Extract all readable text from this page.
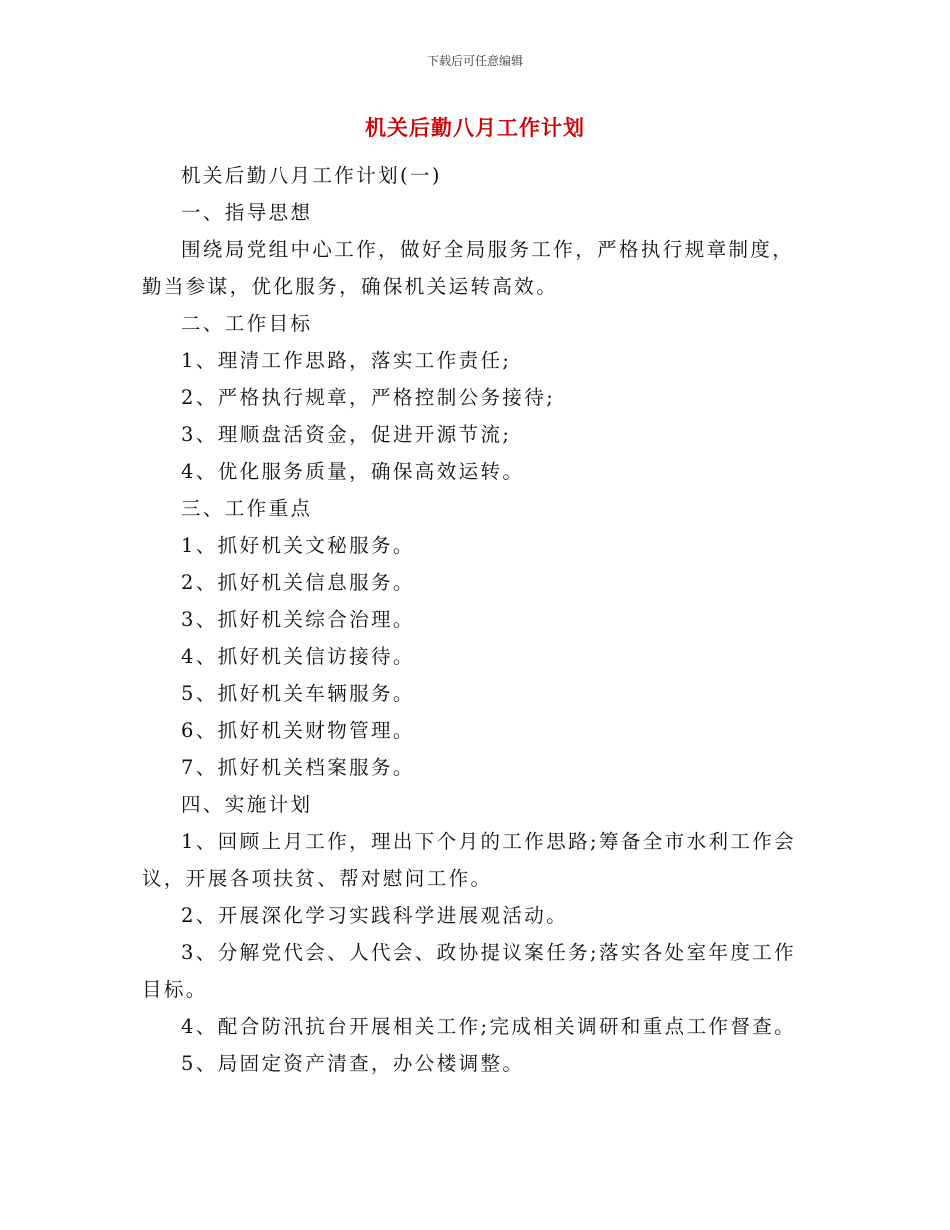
下载后可任意编辑
机关后勤八月工作计划

机关后勤八月工作计划(一)

一、指导思想

围绕局党组中心工作，做好全局服务工作，严格执行规章制度，勤当参谋，优化服务，确保机关运转高效。

二、工作目标

1、理清工作思路，落实工作责任;

2、严格执行规章，严格控制公务接待;

3、理顺盘活资金，促进开源节流;

4、优化服务质量，确保高效运转。

三、工作重点

1、抓好机关文秘服务。

2、抓好机关信息服务。

3、抓好机关综合治理。

4、抓好机关信访接待。

5、抓好机关车辆服务。

6、抓好机关财物管理。

7、抓好机关档案服务。

四、实施计划

1、回顾上月工作，理出下个月的工作思路;筹备全市水利工作会议，开展各项扶贫、帮对慰问工作。

2、开展深化学习实践科学进展观活动。

3、分解党代会、人代会、政协提议案任务;落实各处室年度工作目标。

4、配合防汛抗台开展相关工作;完成相关调研和重点工作督查。

5、局固定资产清查，办公楼调整。
